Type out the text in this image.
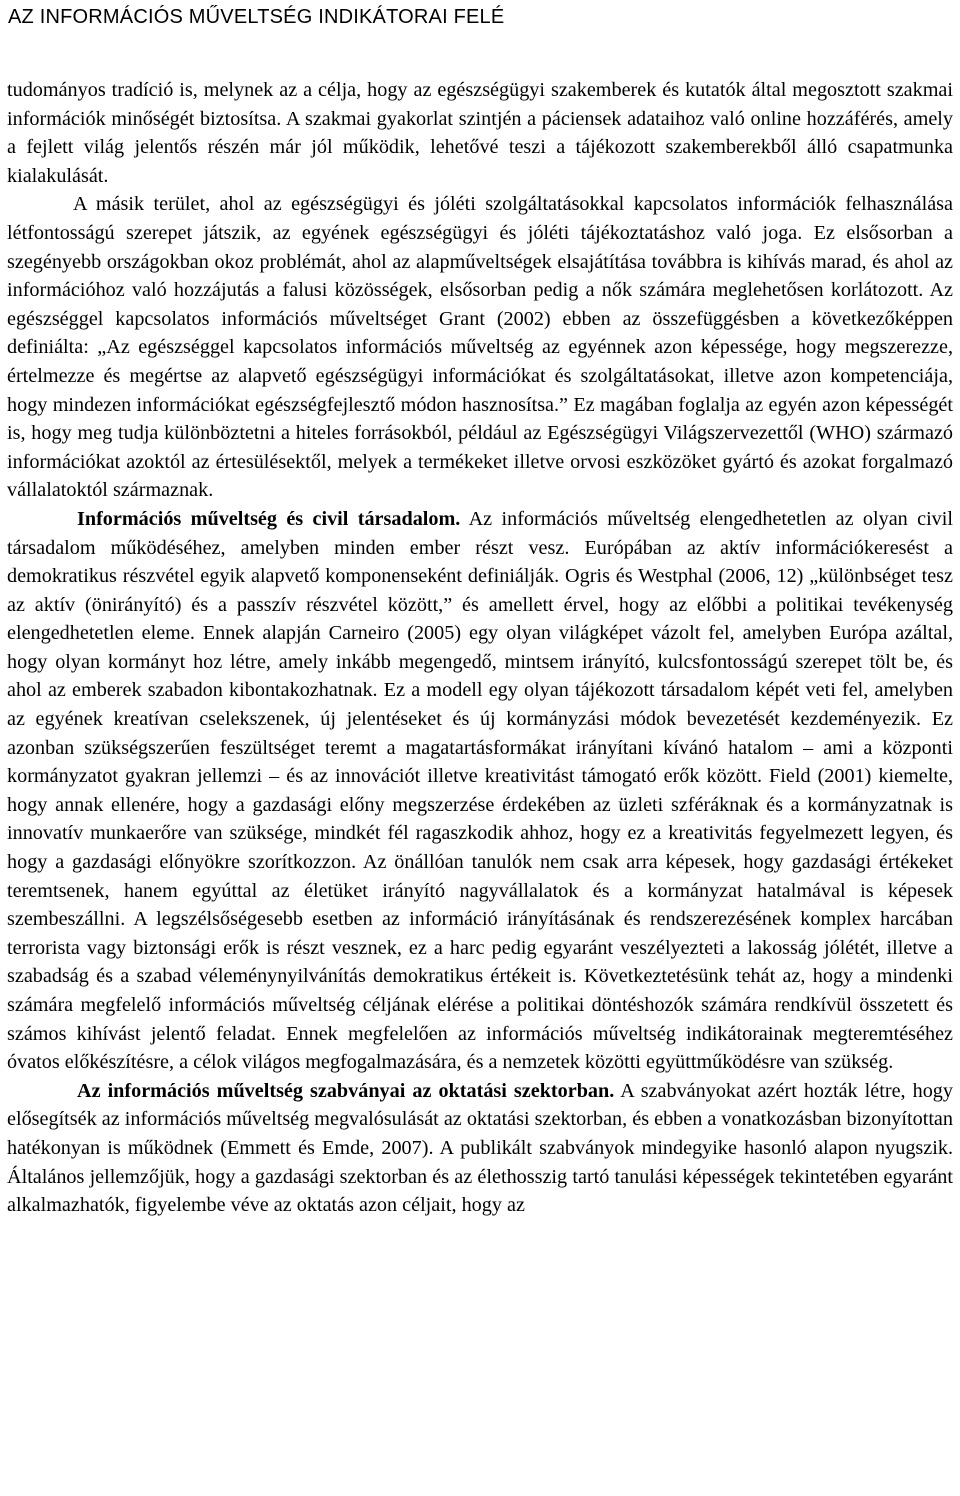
AZ INFORMÁCIÓS MŰVELTSÉG INDIKÁTORAI FELÉ

tudományos tradíció is, melynek az a célja, hogy az egészségügyi szakemberek és kutatók által megosztott szakmai információk minőségét biztosítsa. A szakmai gyakorlat szintjén a páciensek adataihoz való online hozzáférés, amely a fejlett világ jelentős részén már jól működik, lehetővé teszi a tájékozott szakemberekből álló csapatmunka kialakulását.

A másik terület, ahol az egészségügyi és jóléti szolgáltatásokkal kapcsolatos információk felhasználása létfontosságú szerepet játszik, az egyének egészségügyi és jóléti tájékoztatáshoz való joga. Ez elsősorban a szegényebb országokban okoz problémát, ahol az alapműveltségek elsajátítása továbbra is kihívás marad, és ahol az információhoz való hozzájutás a falusi közösségek, elsősorban pedig a nők számára meglehetősen korlátozott. Az egészséggel kapcsolatos információs műveltséget Grant (2002) ebben az összefüggésben a következőképpen definiálta: „Az egészséggel kapcsolatos információs műveltség az egyénnek azon képessége, hogy megszerezze, értelmezze és megértse az alapvető egészségügyi információkat és szolgáltatásokat, illetve azon kompetenciája, hogy mindezen információkat egészségfejlesztő módon hasznosítsa.” Ez magában foglalja az egyén azon képességét is, hogy meg tudja különböztetni a hiteles forrásokból, például az Egészségügyi Világszervezettől (WHO) származó információkat azoktól az értesülésektől, melyek a termékeket illetve orvosi eszközöket gyártó és azokat forgalmazó vállalatoktól származnak.

Információs műveltség és civil társadalom. Az információs műveltség elengedhetetlen az olyan civil társadalom működéséhez, amelyben minden ember részt vesz. Európában az aktív információkeresést a demokratikus részvétel egyik alapvető komponenseként definiálják. Ogris és Westphal (2006, 12) „különbséget tesz az aktív (önirányító) és a passzív részvétel között,” és amellett érvel, hogy az előbbi a politikai tevékenység elengedhetetlen eleme. Ennek alapján Carneiro (2005) egy olyan világképet vázolt fel, amelyben Európa azáltal, hogy olyan kormányt hoz létre, amely inkább megengedő, mintsem irányító, kulcsfontosságú szerepet tölt be, és ahol az emberek szabadon kibontakozhatnak. Ez a modell egy olyan tájékozott társadalom képét veti fel, amelyben az egyének kreatívan cselekszenek, új jelentéseket és új kormányzási módok bevezetését kezdeményezik. Ez azonban szükségszerűen feszültséget teremt a magatartásformákat irányítani kívánó hatalom – ami a központi kormányzatot gyakran jellemzi – és az innovációt illetve kreativitást támogató erők között. Field (2001) kiemelte, hogy annak ellenére, hogy a gazdasági előny megszerzése érdekében az üzleti szféráknak és a kormányzatnak is innovatív munkaerőre van szüksége, mindkét fél ragaszkodik ahhoz, hogy ez a kreativitás fegyelmezett legyen, és hogy a gazdasági előnyökre szorítkozzon. Az önállóan tanulók nem csak arra képesek, hogy gazdasági értékeket teremtsenek, hanem egyúttal az életüket irányító nagyvállalatok és a kormányzat hatalmával is képesek szembeszállni. A legszélsőségesebb esetben az információ irányításának és rendszerezésének komplex harcában terrorista vagy biztonsági erők is részt vesznek, ez a harc pedig egyaránt veszélyezteti a lakosság jólétét, illetve a szabadság és a szabad véleménynyilvánítás demokratikus értékeit is. Következtetésünk tehát az, hogy a mindenki számára megfelelő információs műveltség céljának elérése a politikai döntéshozók számára rendkívül összetett és számos kihívást jelentő feladat. Ennek megfelelően az információs műveltség indikátorainak megteremtéséhez óvatos előkészítésre, a célok világos megfogalmazására, és a nemzetek közötti együttműködésre van szükség.

Az információs műveltség szabványai az oktatási szektorban. A szabványokat azért hozták létre, hogy elősegítsék az információs műveltség megvalósulását az oktatási szektorban, és ebben a vonatkozásban bizonyítottan hatékonyan is működnek (Emmett és Emde, 2007). A publikált szabványok mindegyike hasonló alapon nyugszik. Általános jellemzőjük, hogy a gazdasági szektorban és az élethosszig tartó tanulási képességek tekintetében egyaránt alkalmazhatók, figyelembe véve az oktatás azon céljait, hogy az
